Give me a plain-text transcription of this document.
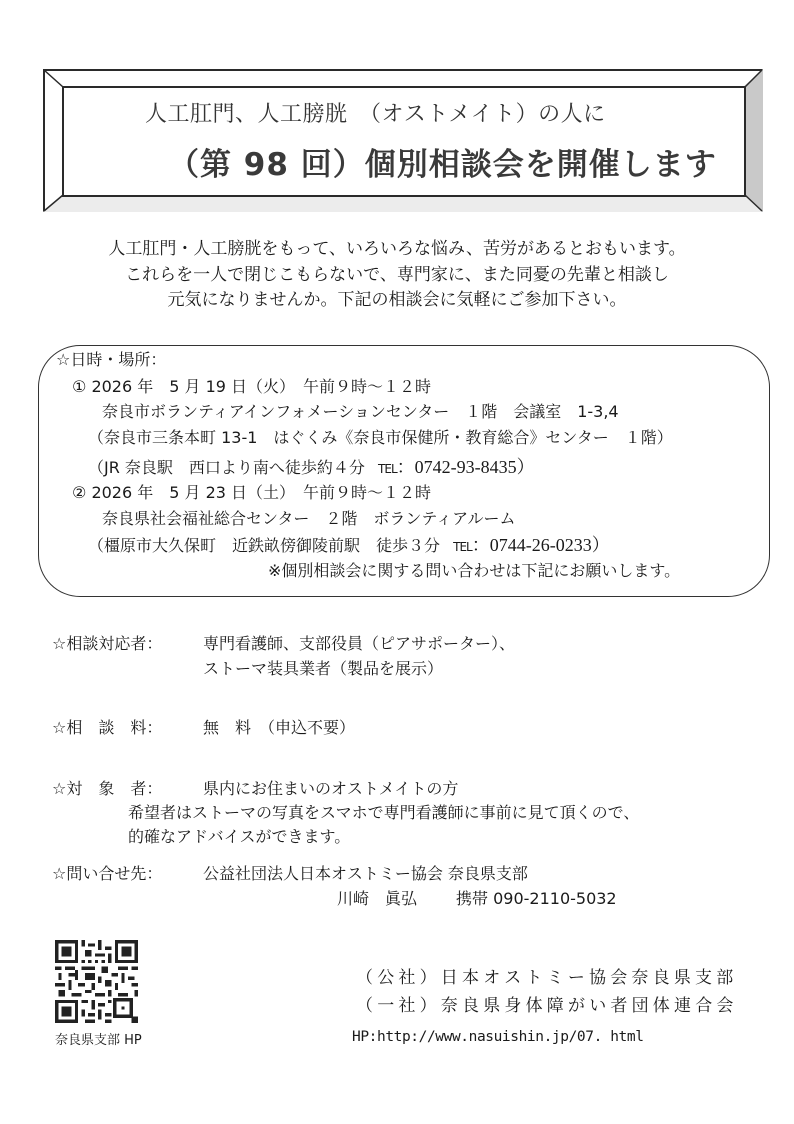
人工肛門、人工膀胱　（オストメイト）の人に
（第 98 回）個別相談会を開催します
人工肛門・人工膀胱をもって、いろいろな悩み、苦労があるとおもいます。
これらを一人で閉じこもらないで、専門家に、また同憂の先輩と相談し
元気になりませんか。下記の相談会に気軽にご参加下さい。
☆日時・場所：
① 2026 年　5 月 19 日（火）　午前９時～１２時
奈良市ボランティアインフォメーションセンター　１階　会議室　1-3,4
（奈良市三条本町 13-1　はぐくみ《奈良市保健所・教育総合》センター　１階）
（JR 奈良駅　西口より南へ徒歩約４分 TEL：0742-93-8435）
② 2026 年　5 月 23 日（土）　午前９時～１２時
奈良県社会福祉総合センター　２階　ボランティアルーム
（橿原市大久保町　近鉄畝傍御陵前駅　徒歩３分 TEL：0744-26-0233）
※個別相談会に関する問い合わせは下記にお願いします。
☆相談対応者：	専門看護師、支部役員（ピアサポーター）、
ストーマ装具業者（製品を展示）
☆相　談　料：	無　料　（申込不要）
☆対　象　者：	県内にお住まいのオストメイトの方
希望者はストーマの写真をスマホで専門看護師に事前に見て頂くので、
的確なアドバイスができます。
☆問い合せ先：	公益社団法人日本オストミー協会 奈良県支部
川崎　眞弘 携帯 090-2110-5032
奈良県支部 HP
（公社）日本オストミー協会奈良県支部
（一社）奈良県身体障がい者団体連合会
HP:http://www.nasuishin.jp/07. html
